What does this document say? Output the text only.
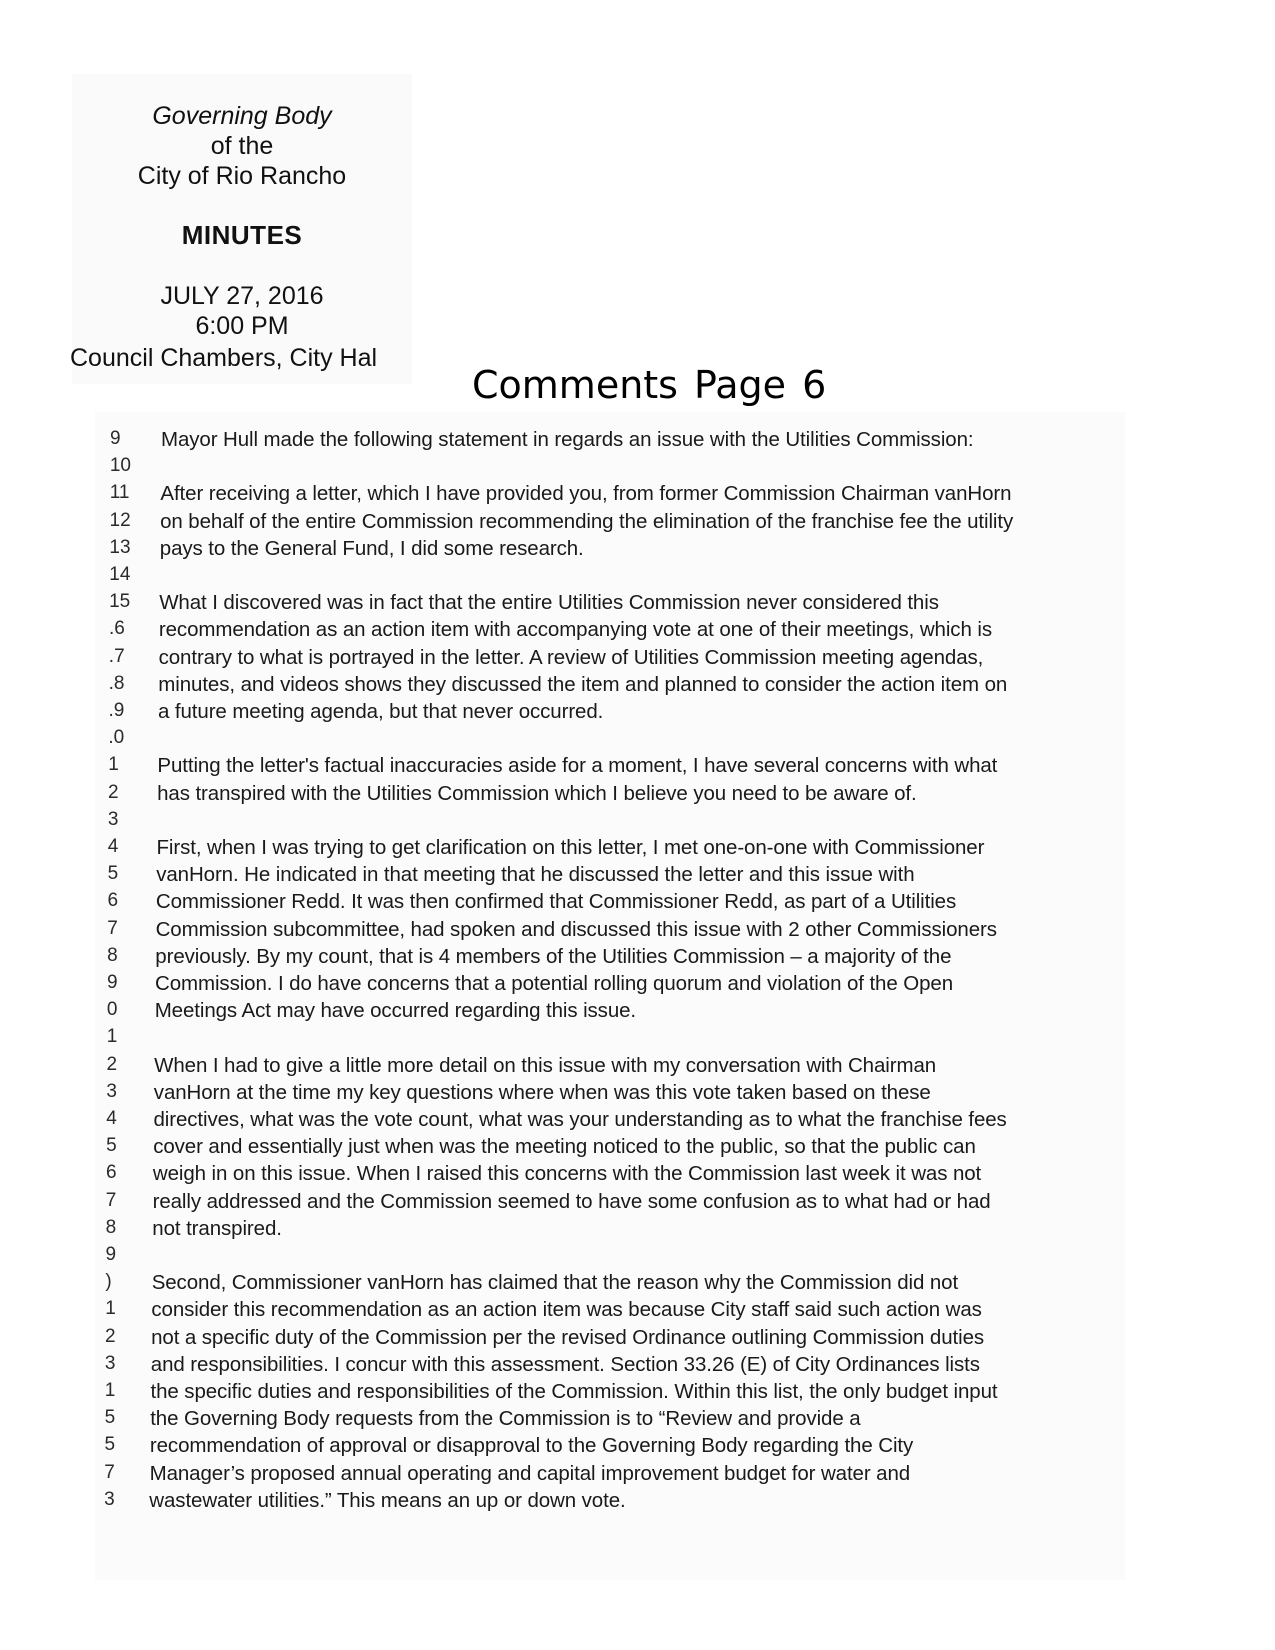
Governing Body
of the
City of Rio Rancho
MINUTES
JULY 27, 2016
6:00 PM
Council Chambers, City Hal
Comments Page 6
9
10
11
12
13
14
15
.6
.7
.8
.9
.0
1
2
3
4
5
6
7
8
9
0
1
2
3
4
5
6
7
8
9
)
1
2
3
1
5
5
7
3
Mayor Hull made the following statement in regards an issue with the Utilities Commission:
After receiving a letter, which I have provided you, from former Commission Chairman vanHorn
on behalf of the entire Commission recommending the elimination of the franchise fee the utility
pays to the General Fund, I did some research.
What I discovered was in fact that the entire Utilities Commission never considered this
recommendation as an action item with accompanying vote at one of their meetings, which is
contrary to what is portrayed in the letter. A review of Utilities Commission meeting agendas,
minutes, and videos shows they discussed the item and planned to consider the action item on
a future meeting agenda, but that never occurred.
Putting the letter's factual inaccuracies aside for a moment, I have several concerns with what
has transpired with the Utilities Commission which I believe you need to be aware of.
First, when I was trying to get clarification on this letter, I met one-on-one with Commissioner
vanHorn. He indicated in that meeting that he discussed the letter and this issue with
Commissioner Redd. It was then confirmed that Commissioner Redd, as part of a Utilities
Commission subcommittee, had spoken and discussed this issue with 2 other Commissioners
previously. By my count, that is 4 members of the Utilities Commission – a majority of the
Commission. I do have concerns that a potential rolling quorum and violation of the Open
Meetings Act may have occurred regarding this issue.
When I had to give a little more detail on this issue with my conversation with Chairman
vanHorn at the time my key questions where when was this vote taken based on these
directives, what was the vote count, what was your understanding as to what the franchise fees
cover and essentially just when was the meeting noticed to the public, so that the public can
weigh in on this issue. When I raised this concerns with the Commission last week it was not
really addressed and the Commission seemed to have some confusion as to what had or had
not transpired.
Second, Commissioner vanHorn has claimed that the reason why the Commission did not
consider this recommendation as an action item was because City staff said such action was
not a specific duty of the Commission per the revised Ordinance outlining Commission duties
and responsibilities. I concur with this assessment. Section 33.26 (E) of City Ordinances lists
the specific duties and responsibilities of the Commission. Within this list, the only budget input
the Governing Body requests from the Commission is to “Review and provide a
recommendation of approval or disapproval to the Governing Body regarding the City
Manager’s proposed annual operating and capital improvement budget for water and
wastewater utilities.” This means an up or down vote.
